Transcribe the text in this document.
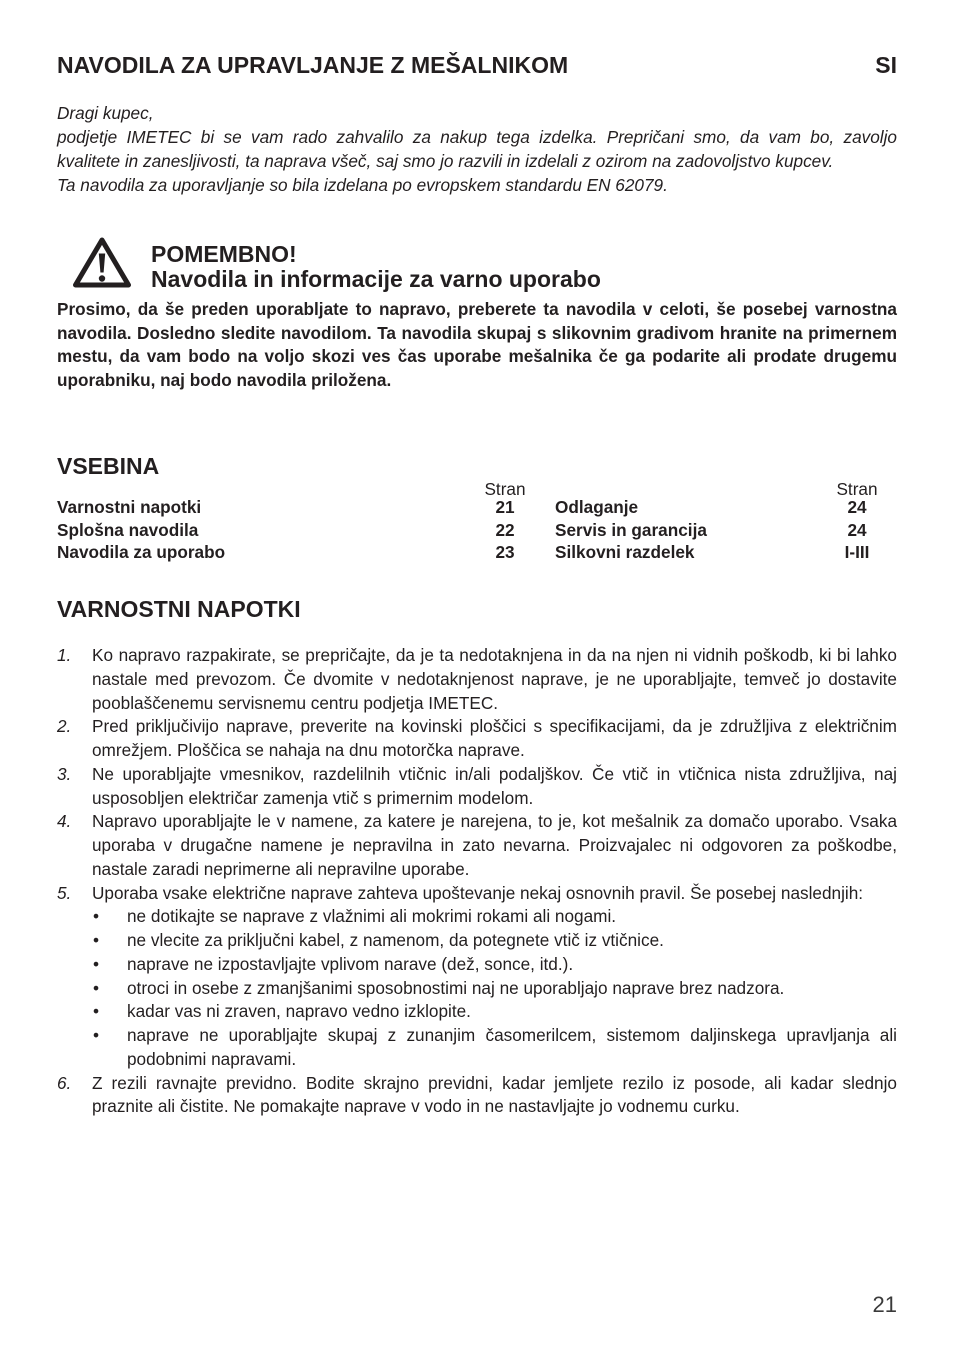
NAVODILA ZA UPRAVLJANJE Z MEŠALNIKOM	SI
Dragi kupec,
podjetje IMETEC bi se vam rado zahvalilo za nakup tega izdelka. Prepričani smo, da vam bo, zavoljo
kvalitete in zanesljivosti, ta naprava všeč, saj smo jo razvili in izdelali z ozirom na zadovoljstvo kupcev.
Ta navodila za uporavljanje so bila izdelana po evropskem standardu EN 62079.
POMEMBNO!
Navodila in informacije za varno uporabo
Prosimo, da še preden uporabljate to napravo, preberete ta navodila v celoti, še posebej varnostna
navodila. Dosledno sledite navodilom. Ta navodila skupaj s slikovnim gradivom hranite na primernem
mestu, da vam bodo na voljo skozi ves čas uporabe mešalnika če ga podarite ali prodate drugemu
uporabniku, naj bodo navodila priložena.
VSEBINA
Stran
Varnostni napotki	21
Splošna navodila	22
Navodila za uporabo	23
Stran
Odlaganje	24
Servis in garancija	24
Silkovni razdelek	I-III
VARNOSTNI NAPOTKI
1.	Ko napravo razpakirate, se prepričajte, da je ta nedotaknjena in da na njen ni vidnih poškodb, ki bi lahko
nastale med prevozom. Če dvomite v nedotaknjenost naprave, je ne uporabljajte, temveč jo dostavite
pooblaščenemu servisnemu centru podjetja IMETEC.
2.	Pred priključivijo naprave, preverite na kovinski ploščici s specifikacijami, da je združljiva z električnim
omrežjem. Ploščica se nahaja na dnu motorčka naprave.
3.	Ne uporabljajte vmesnikov, razdelilnih vtičnic in/ali podaljškov. Če vtič in vtičnica nista združljiva, naj
usposobljen električar zamenja vtič s primernim modelom.
4.	Napravo uporabljajte le v namene, za katere je narejena, to je, kot mešalnik za domačo uporabo. Vsaka
uporaba v drugačne namene je nepravilna in zato nevarna. Proizvajalec ni odgovoren za poškodbe,
nastale zaradi neprimerne ali nepravilne uporabe.
5.	Uporaba vsake električne naprave zahteva upoštevanje nekaj osnovnih pravil. Še posebej naslednjih:
•	ne dotikajte se naprave z vlažnimi ali mokrimi rokami ali nogami.
•	ne vlecite za priključni kabel, z namenom, da potegnete vtič iz vtičnice.
•	naprave ne izpostavljajte vplivom narave (dež, sonce, itd.).
•	otroci in osebe z zmanjšanimi sposobnostimi naj ne uporabljajo naprave brez nadzora.
•	kadar vas ni zraven, napravo vedno izklopite.
•	naprave ne uporabljajte skupaj z zunanjim časomerilcem, sistemom daljinskega upravljanja ali
podobnimi napravami.
6.	Z rezili ravnajte previdno. Bodite skrajno previdni, kadar jemljete rezilo iz posode, ali kadar slednjo
praznite ali čistite. Ne pomakajte naprave v vodo in ne nastavljajte jo vodnemu curku.
21
